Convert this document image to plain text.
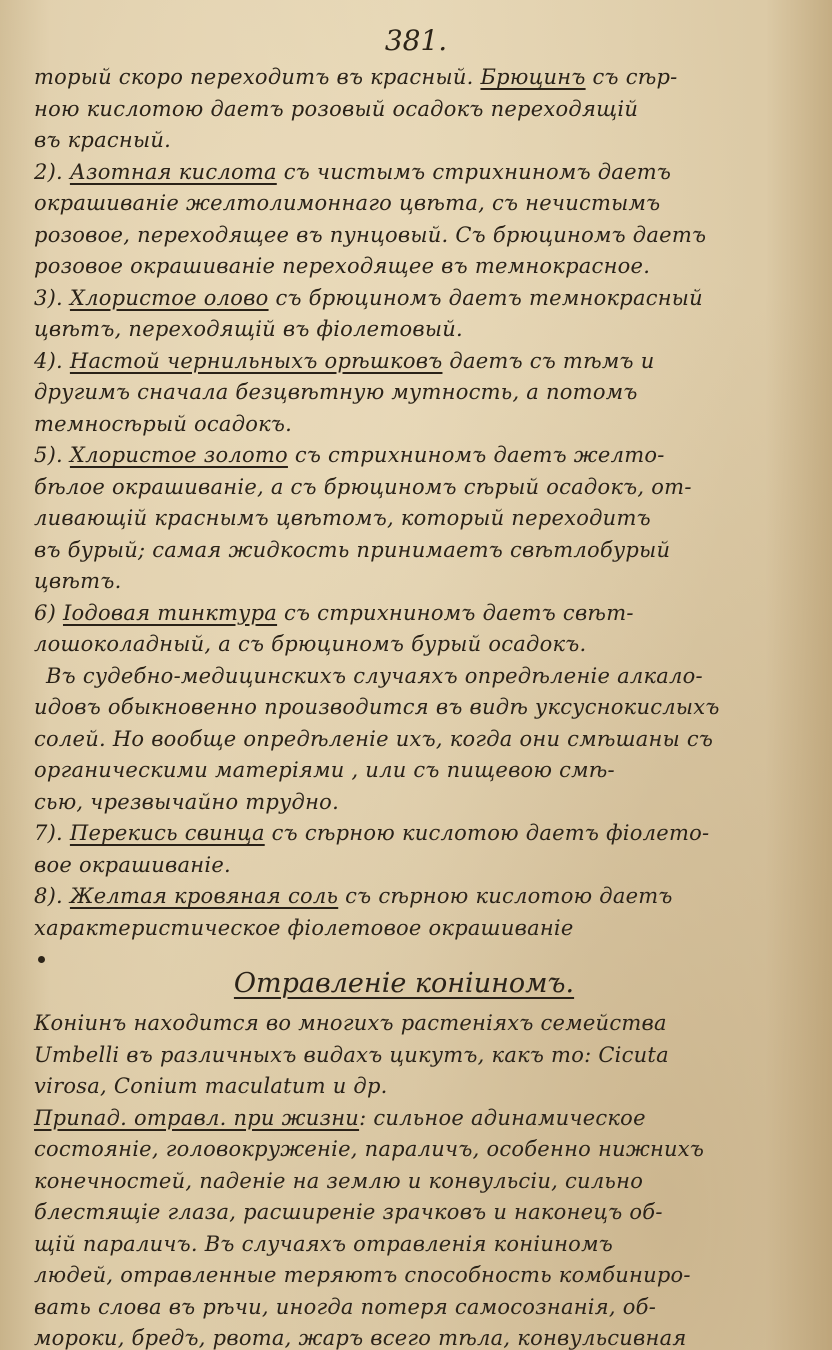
381.
торый скоро переходитъ въ красный. Брюцинъ съ сѣр-
ною кислотою даетъ розовый осадокъ переходящій
въ красный.
2). Азотная кислота съ чистымъ стрихниномъ даетъ
окрашиваніе желтолимоннаго цвѣта, съ нечистымъ
розовое, переходящее въ пунцовый. Съ брюциномъ даетъ
розовое окрашиваніе переходящее въ темнокрасное.
3). Хлористое олово съ брюциномъ даетъ темнокрасный
цвѣтъ, переходящій въ фіолетовый.
4). Настой чернильныхъ орѣшковъ даетъ съ тѣмъ и
другимъ сначала безцвѣтную мутность, а потомъ
темносѣрый осадокъ.
5). Хлористое золото съ стрихниномъ даетъ желто-
бѣлое окрашиваніе, а съ брюциномъ сѣрый осадокъ, от-
ливающій краснымъ цвѣтомъ, который переходитъ
въ бурый; самая жидкость принимаетъ свѣтлобурый
цвѣтъ.
6) Іодовая тинктура съ стрихниномъ даетъ свѣт-
лошоколадный, а съ брюциномъ бурый осадокъ.
Въ судебно-медицинскихъ случаяхъ опредѣленіе алкало-
идовъ обыкновенно производится въ видѣ уксуснокислыхъ
солей. Но вообще опредѣленіе ихъ, когда они смѣшаны съ
органическими матеріями , или съ пищевою смѣ-
сью, чрезвычайно трудно.
7). Перекись свинца съ сѣрною кислотою даетъ фіолето-
вое окрашиваніе.
8). Желтая кровяная соль съ сѣрною кислотою даетъ
характеристическое фіолетовое окрашиваніе
Отравленіе коніиномъ.
Коніинъ находится во многихъ растеніяхъ семейства
Umbelli въ различныхъ видахъ цикутъ, какъ то: Cicuta
virosa, Conium maculatum и др.
Припад. отравл. при жизни: сильное адинамическое
состояніе, головокруженіе, параличъ, особенно нижнихъ
конечностей, паденіе на землю и конвульсіи, сильно
блестящіе глаза, расширеніе зрачковъ и наконецъ об-
щій параличъ. Въ случаяхъ отравленія коніиномъ
людей, отравленные теряютъ способность комбиниро-
вать слова въ рѣчи, иногда потеря самосознанія, об-
мороки, бредъ, рвота, жаръ всего тѣла, конвульсивная
